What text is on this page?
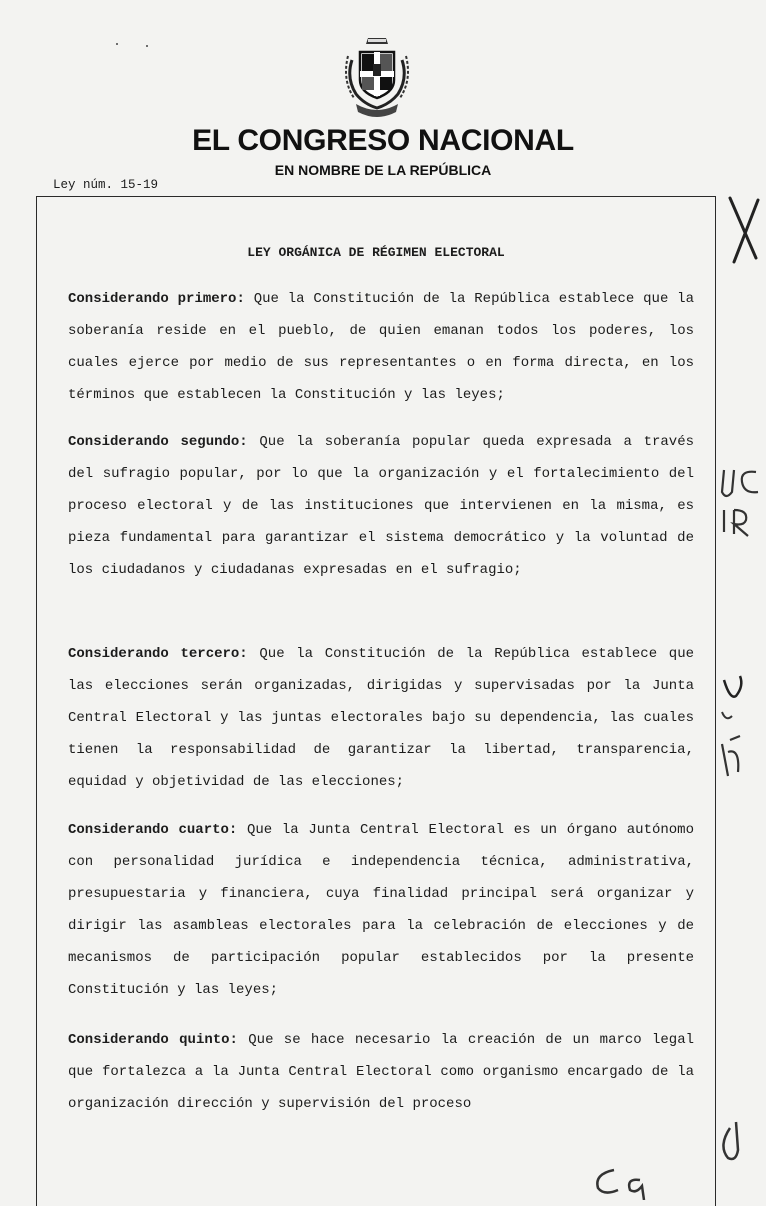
EL CONGRESO NACIONAL
EN NOMBRE DE LA REPÚBLICA
Ley núm. 15-19
LEY ORGÁNICA DE RÉGIMEN ELECTORAL

Considerando primero: Que la Constitución de la República establece que la soberanía reside en el pueblo, de quien emanan todos los poderes, los cuales ejerce por medio de sus representantes o en forma directa, en los términos que establecen la Constitución y las leyes;

Considerando segundo: Que la soberanía popular queda expresada a través del sufragio popular, por lo que la organización y el fortalecimiento del proceso electoral y de las instituciones que intervienen en la misma, es pieza fundamental para garantizar el sistema democrático y la voluntad de los ciudadanos y ciudadanas expresadas en el sufragio;

Considerando tercero: Que la Constitución de la República establece que las elecciones serán organizadas, dirigidas y supervisadas por la Junta Central Electoral y las juntas electorales bajo su dependencia, las cuales tienen la responsabilidad de garantizar la libertad, transparencia, equidad y objetividad de las elecciones;

Considerando cuarto: Que la Junta Central Electoral es un órgano autónomo con personalidad jurídica e independencia técnica, administrativa, presupuestaria y financiera, cuya finalidad principal será organizar y dirigir las asambleas electorales para la celebración de elecciones y de mecanismos de participación popular establecidos por la presente Constitución y las leyes;

Considerando quinto: Que se hace necesario la creación de un marco legal que fortalezca a la Junta Central Electoral como organismo encargado de la organización dirección y supervisión del proceso
